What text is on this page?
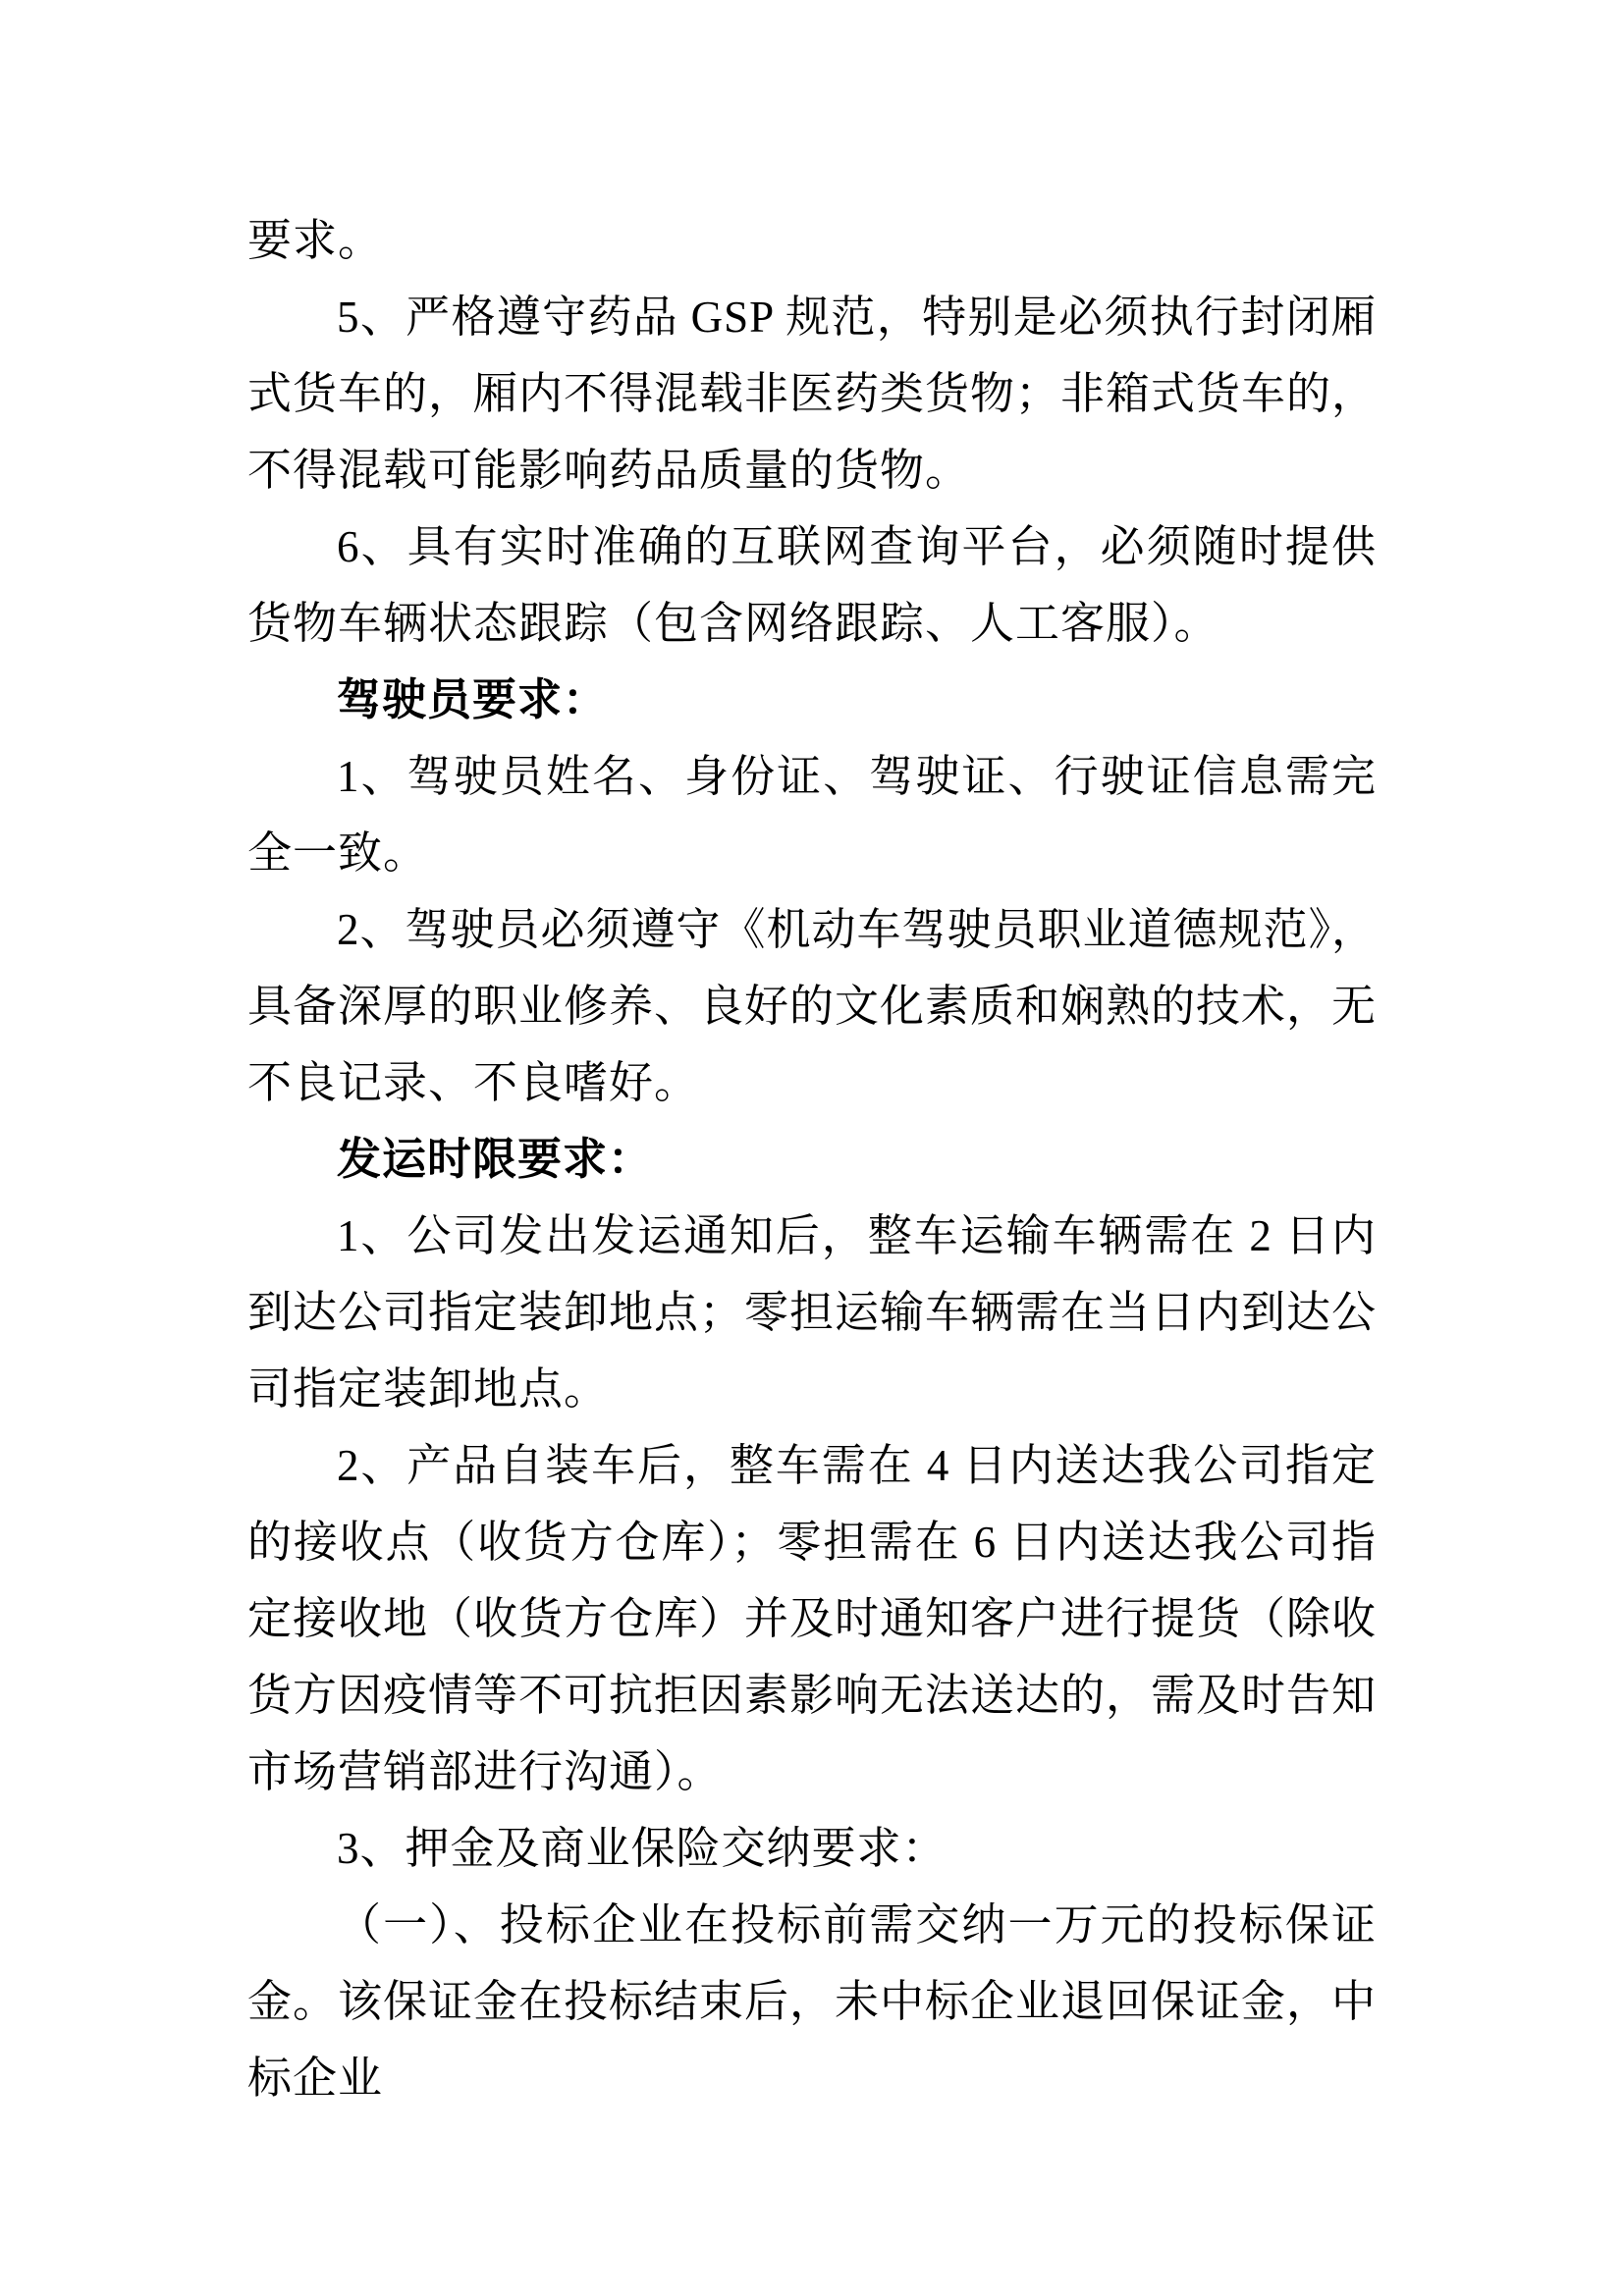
要求。

5、严格遵守药品 GSP 规范，特别是必须执行封闭厢式货车的，厢内不得混载非医药类货物；非箱式货车的，不得混载可能影响药品质量的货物。

6、具有实时准确的互联网查询平台，必须随时提供货物车辆状态跟踪（包含网络跟踪、人工客服）。

驾驶员要求：

1、驾驶员姓名、身份证、驾驶证、行驶证信息需完全一致。

2、驾驶员必须遵守《机动车驾驶员职业道德规范》，具备深厚的职业修养、良好的文化素质和娴熟的技术，无不良记录、不良嗜好。

发运时限要求：

1、公司发出发运通知后，整车运输车辆需在 2 日内到达公司指定装卸地点；零担运输车辆需在当日内到达公司指定装卸地点。

2、产品自装车后，整车需在 4 日内送达我公司指定的接收点（收货方仓库）；零担需在 6 日内送达我公司指定接收地（收货方仓库）并及时通知客户进行提货（除收货方因疫情等不可抗拒因素影响无法送达的，需及时告知市场营销部进行沟通）。

3、押金及商业保险交纳要求：

（一）、投标企业在投标前需交纳一万元的投标保证金。该保证金在投标结束后，未中标企业退回保证金，中标企业
